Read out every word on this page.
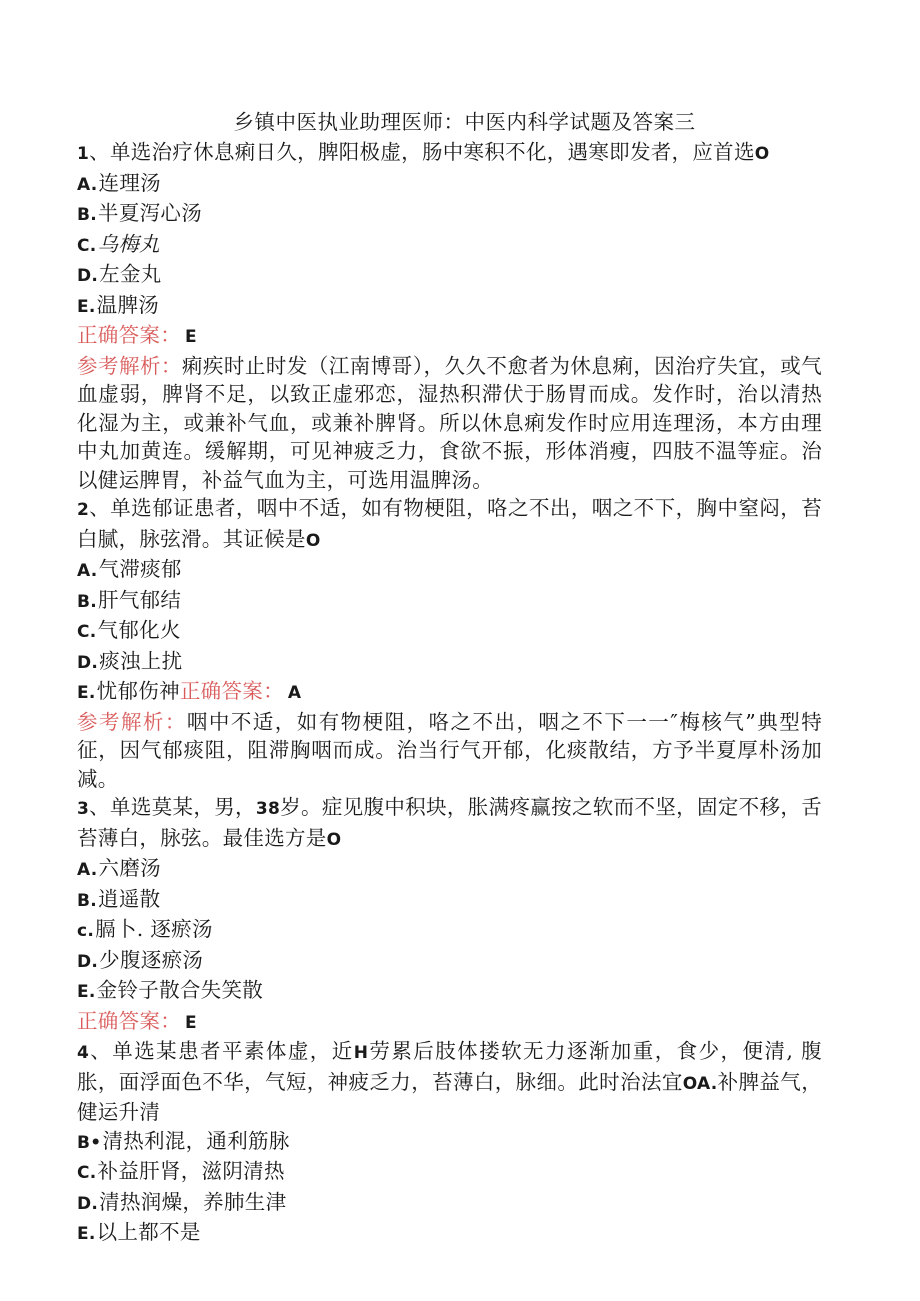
乡镇中医执业助理医师：中医内科学试题及答案三
1、单选治疗休息痢日久，脾阳极虚，肠中寒积不化，遇寒即发者，应首选O
A.连理汤
B.半夏泻心汤
C.乌梅丸
D.左金丸
E.温脾汤
正确答案： E
参考解析：痢疾时止时发（江南博哥），久久不愈者为休息痢，因治疗失宜，或气血虚弱，脾肾不足，以致正虚邪恋，湿热积滞伏于肠胃而成。发作时，治以清热化湿为主，或兼补气血，或兼补脾肾。所以休息痢发作时应用连理汤，本方由理中丸加黄连。缓解期，可见神疲乏力，食欲不振，形体消瘦，四肢不温等症。治以健运脾胃，补益气血为主，可选用温脾汤。
2、单选郁证患者，咽中不适，如有物梗阻，咯之不出，咽之不下，胸中窒闷，苔白腻，脉弦滑。其证候是O
A.气滞痰郁
B.肝气郁结
C.气郁化火
D.痰浊上扰
E.忧郁伤神正确答案： A
参考解析：咽中不适，如有物梗阻，咯之不出，咽之不下一一″梅核气”典型特征，因气郁痰阻，阻滞胸咽而成。治当行气开郁，化痰散结，方予半夏厚朴汤加减。
3、单选莫某，男，38岁。症见腹中积块，胀满疼赢按之软而不坚，固定不移，舌苔薄白，脉弦。最佳选方是O
A.六磨汤
B.逍遥散
c.膈卜. 逐瘀汤
D.少腹逐瘀汤
E.金铃子散合失笑散
正确答案： E
4、单选某患者平素体虚，近H劳累后肢体搂软无力逐渐加重，食少，便清, 腹胀，面浮面色不华，气短，神疲乏力，苔薄白，脉细。此时治法宜OA.补脾益气，健运升清
B•清热利混，通利筋脉
C.补益肝肾，滋阴清热
D.清热润燥，养肺生津
E.以上都不是
